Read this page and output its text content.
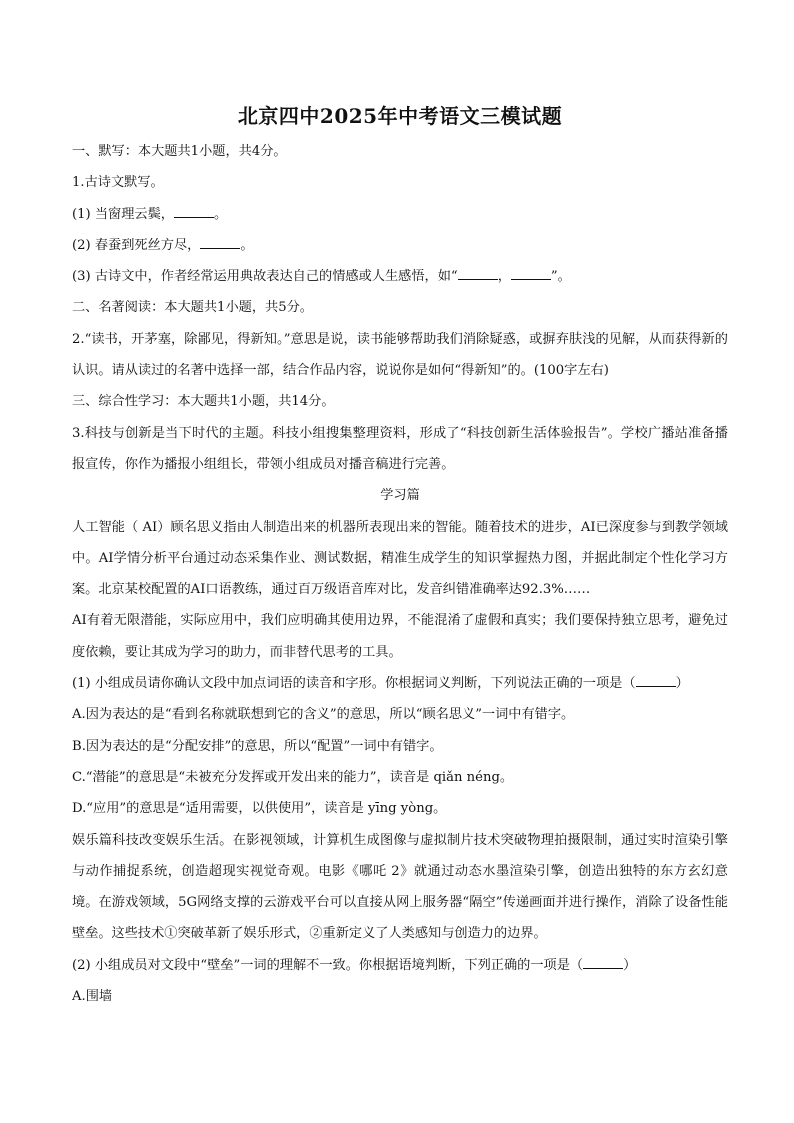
北京四中2025年中考语文三模试题

一、默写：本大题共1小题，共4分。

1.古诗文默写。

(1) 当窗理云鬓，	。

(2) 春蚕到死丝方尽，	。

(3) 古诗文中，作者经常运用典故表达自己的情感或人生感悟，如“	，	”。

二、名著阅读：本大题共1小题，共5分。

2.“读书，开茅塞，除鄙见，得新知。”意思是说，读书能够帮助我们消除疑惑，或摒弃肤浅的见解，从而获得新的认识。请从读过的名著中选择一部，结合作品内容，说说你是如何“得新知”的。(100字左右)

三、综合性学习：本大题共1小题，共14分。

3.科技与创新是当下时代的主题。科技小组搜集整理资料，形成了“科技创新生活体验报告”。学校广播站准备播报宣传，你作为播报小组组长，带领小组成员对播音稿进行完善。

学习篇

人工智能（ AI）顾名思义指由人制造出来的机器所表现出来的智能。随着技术的进步，AI已深度参与到教学领域中。AI学情分析平台通过动态采集作业、测试数据，精准生成学生的知识掌握热力图，并据此制定个性化学习方案。北京某校配置的AI口语教练，通过百万级语音库对比，发音纠错准确率达92.3%……

AI有着无限潜能，实际应用中，我们应明确其使用边界，不能混淆了虚假和真实；我们要保持独立思考，避免过度依赖，要让其成为学习的助力，而非替代思考的工具。

(1) 小组成员请你确认文段中加点词语的读音和字形。你根据词义判断，下列说法正确的一项是（	）

A.因为表达的是“看到名称就联想到它的含义”的意思，所以“顾名思义”一词中有错字。

B.因为表达的是“分配安排”的意思，所以“配置”一词中有错字。

C.“潜能”的意思是“未被充分发挥或开发出来的能力”，读音是 qiǎn néng。

D.“应用”的意思是“适用需要，以供使用”，读音是 yīng yòng。

娱乐篇科技改变娱乐生活。在影视领域，计算机生成图像与虚拟制片技术突破物理拍摄限制，通过实时渲染引擎与动作捕捉系统，创造超现实视觉奇观。电影《哪吒 2》就通过动态水墨渲染引擎，创造出独特的东方玄幻意境。在游戏领域，5G网络支撑的云游戏平台可以直接从网上服务器“隔空”传递画面并进行操作，消除了设备性能壁垒。这些技术①突破革新了娱乐形式，②重新定义了人类感知与创造力的边界。

(2) 小组成员对文段中“壁垒”一词的理解不一致。你根据语境判断，下列正确的一项是（	）

A.围墙
